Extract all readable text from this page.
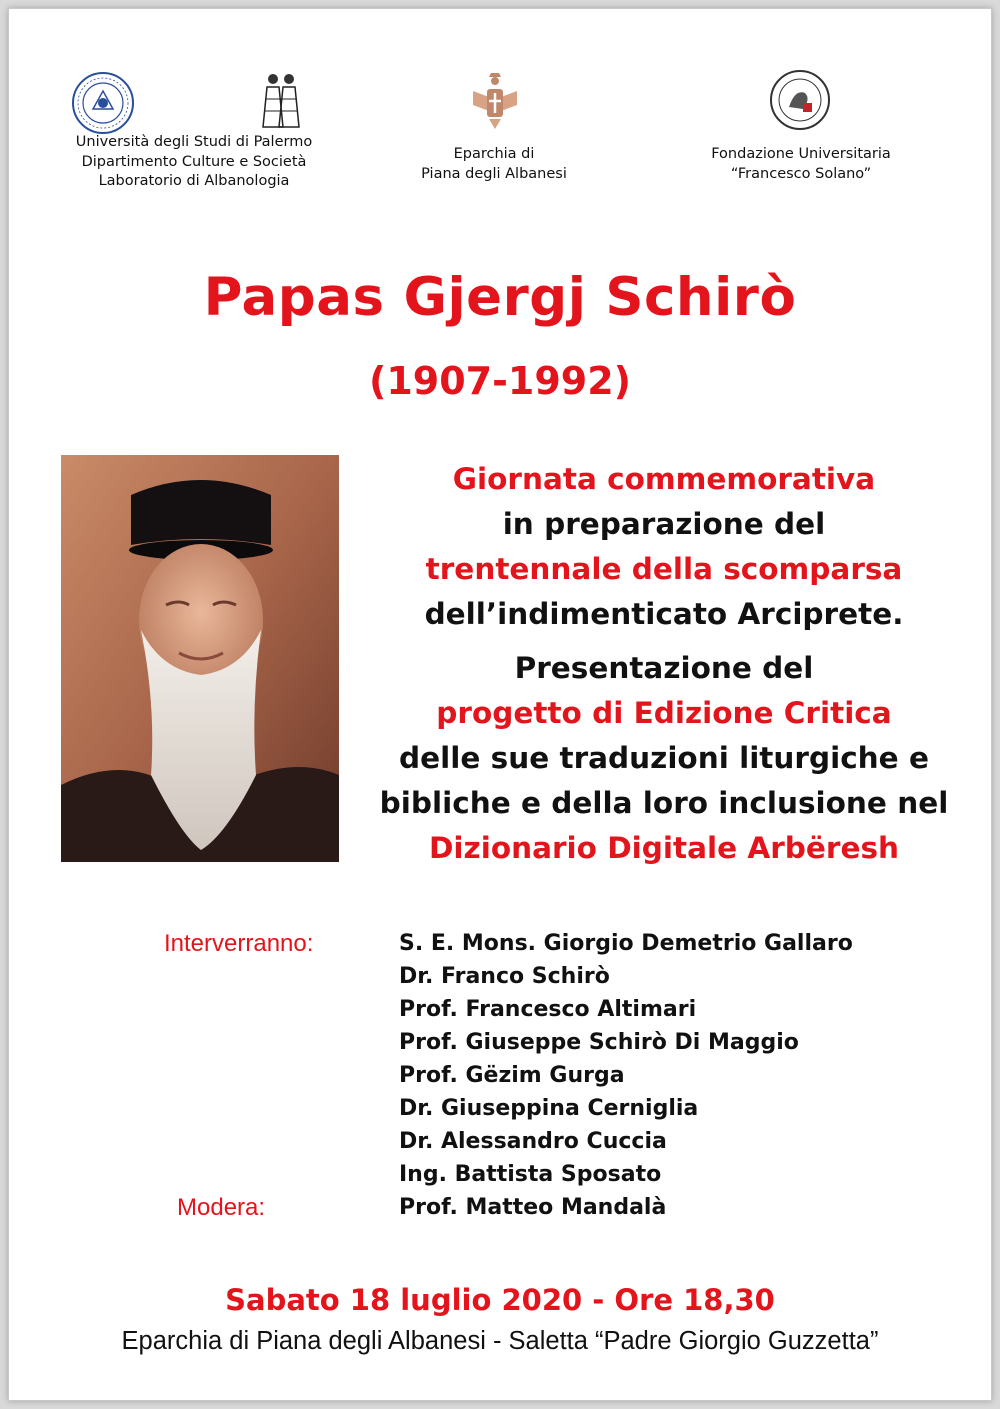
Università degli Studi di Palermo
Dipartimento Culture e Società
Laboratorio di Albanologia
Eparchia di
Piana degli Albanesi
Fondazione Universitaria
“Francesco Solano”
Papas Gjergj Schirò
(1907-1992)
Giornata commemorativa
in preparazione del
trentennale della scomparsa
dell’indimenticato Arciprete.
Presentazione del
progetto di Edizione Critica
delle sue traduzioni liturgiche e
bibliche e della loro inclusione nel
Dizionario Digitale Arbëresh
Interverranno:	S. E. Mons. Giorgio Demetrio Gallaro
Dr. Franco Schirò
Prof. Francesco Altimari
Prof. Giuseppe Schirò Di Maggio
Prof. Gëzim Gurga
Dr. Giuseppina Cerniglia
Dr. Alessandro Cuccia
Ing. Battista Sposato
Modera:	Prof. Matteo Mandalà
Sabato 18 luglio 2020 - Ore 18,30
Eparchia di Piana degli Albanesi - Saletta “Padre Giorgio Guzzetta”
